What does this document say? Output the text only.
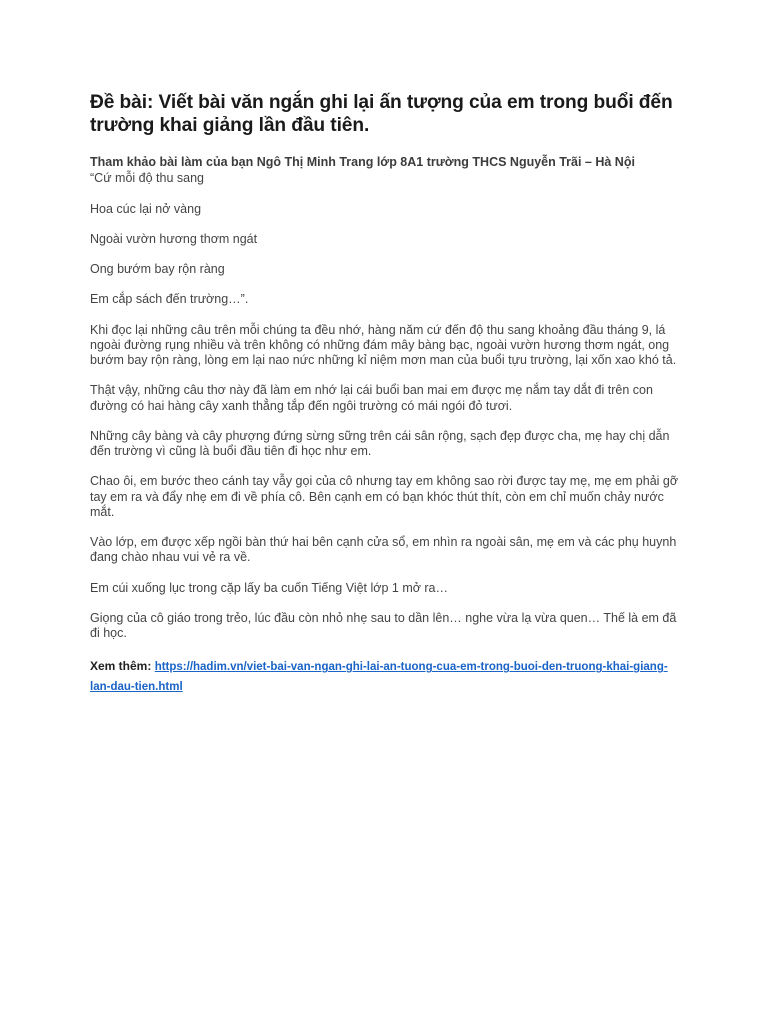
Đề bài: Viết bài văn ngắn ghi lại ấn tượng của em trong buổi đến trường khai giảng lần đầu tiên.

Tham khảo bài làm của bạn Ngô Thị Minh Trang lớp 8A1 trường THCS Nguyễn Trãi – Hà Nội

“Cứ mỗi độ thu sang

Hoa cúc lại nở vàng

Ngoài vườn hương thơm ngát

Ong bướm bay rộn ràng

Em cắp sách đến trường…”.

Khi đọc lại những câu trên mỗi chúng ta đều nhớ, hàng năm cứ đến độ thu sang khoảng đầu tháng 9, lá ngoài đường rụng nhiều và trên không có những đám mây bàng bạc, ngoài vườn hương thơm ngát, ong bướm bay rộn ràng, lòng em lại nao nức những kỉ niệm mơn man của buổi tựu trường, lại xốn xao khó tả.

Thật vậy, những câu thơ này đã làm em nhớ lại cái buổi ban mai em được mẹ nắm tay dắt đi trên con đường có hai hàng cây xanh thẳng tắp đến ngôi trường có mái ngói đỏ tươi.

Những cây bàng và cây phượng đứng sừng sững trên cái sân rộng, sạch đẹp được cha, mẹ hay chị dẫn đến trường vì cũng là buổi đầu tiên đi học như em.

Chao ôi, em bước theo cánh tay vẫy gọi của cô nhưng tay em không sao rời được tay mẹ, mẹ em phải gỡ tay em ra và đẩy nhẹ em đi về phía cô. Bên cạnh em có bạn khóc thút thít, còn em chỉ muốn chảy nước mắt.

Vào lớp, em được xếp ngồi bàn thứ hai bên cạnh cửa sổ, em nhìn ra ngoài sân, mẹ em và các phụ huynh đang chào nhau vui vẻ ra về.

Em cúi xuống lục trong cặp lấy ba cuốn Tiếng Việt lớp 1 mở ra…

Giọng của cô giáo trong trẻo, lúc đầu còn nhỏ nhẹ sau to dần lên… nghe vừa lạ vừa quen… Thế là em đã đi học.

Xem thêm: https://hadim.vn/viet-bai-van-ngan-ghi-lai-an-tuong-cua-em-trong-buoi-den-truong-khai-giang-lan-dau-tien.html
